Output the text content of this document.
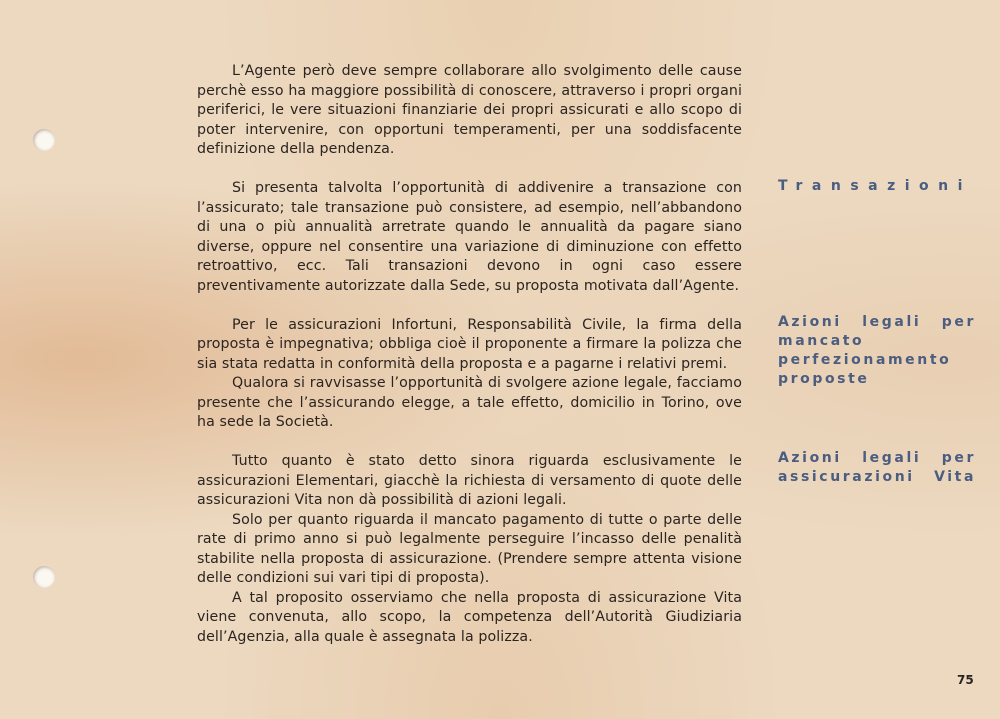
L’Agente però deve sempre collaborare allo svolgimento delle cause perchè esso ha maggiore possibilità di conoscere, attraverso i propri organi periferici, le vere situazioni finanziarie dei propri assicurati e allo scopo di poter intervenire, con opportuni temperamenti, per una soddisfacente definizione della pendenza.

Si presenta talvolta l’opportunità di addivenire a transazione con l’assicurato; tale transazione può consistere, ad esempio, nell’abbandono di una o più annualità arretrate quando le annualità da pagare siano diverse, oppure nel consentire una variazione di diminuzione con effetto retroattivo, ecc. Tali transazioni devono in ogni caso essere preventivamente autorizzate dalla Sede, su proposta motivata dall’Agente.

Per le assicurazioni Infortuni, Responsabilità Civile, la firma della proposta è impegnativa; obbliga cioè il proponente a firmare la polizza che sia stata redatta in conformità della proposta e a pagarne i relativi premi.

Qualora si ravvisasse l’opportunità di svolgere azione legale, facciamo presente che l’assicurando elegge, a tale effetto, domicilio in Torino, ove ha sede la Società.

Tutto quanto è stato detto sinora riguarda esclusivamente le assicurazioni Elementari, giacchè la richiesta di versamento di quote delle assicurazioni Vita non dà possibilità di azioni legali.

Solo per quanto riguarda il mancato pagamento di tutte o parte delle rate di primo anno si può legalmente perseguire l’incasso delle penalità stabilite nella proposta di assicurazione. (Prendere sempre attenta visione delle condizioni sui vari tipi di proposta).

A tal proposito osserviamo che nella proposta di assicurazione Vita viene convenuta, allo scopo, la competenza dell’Autorità Giudiziaria dell’Agenzia, alla quale è assegnata la polizza.

Transazioni
Azioni legali per mancato perfezionamento proposte
Azioni legali per assicurazioni Vita
75
